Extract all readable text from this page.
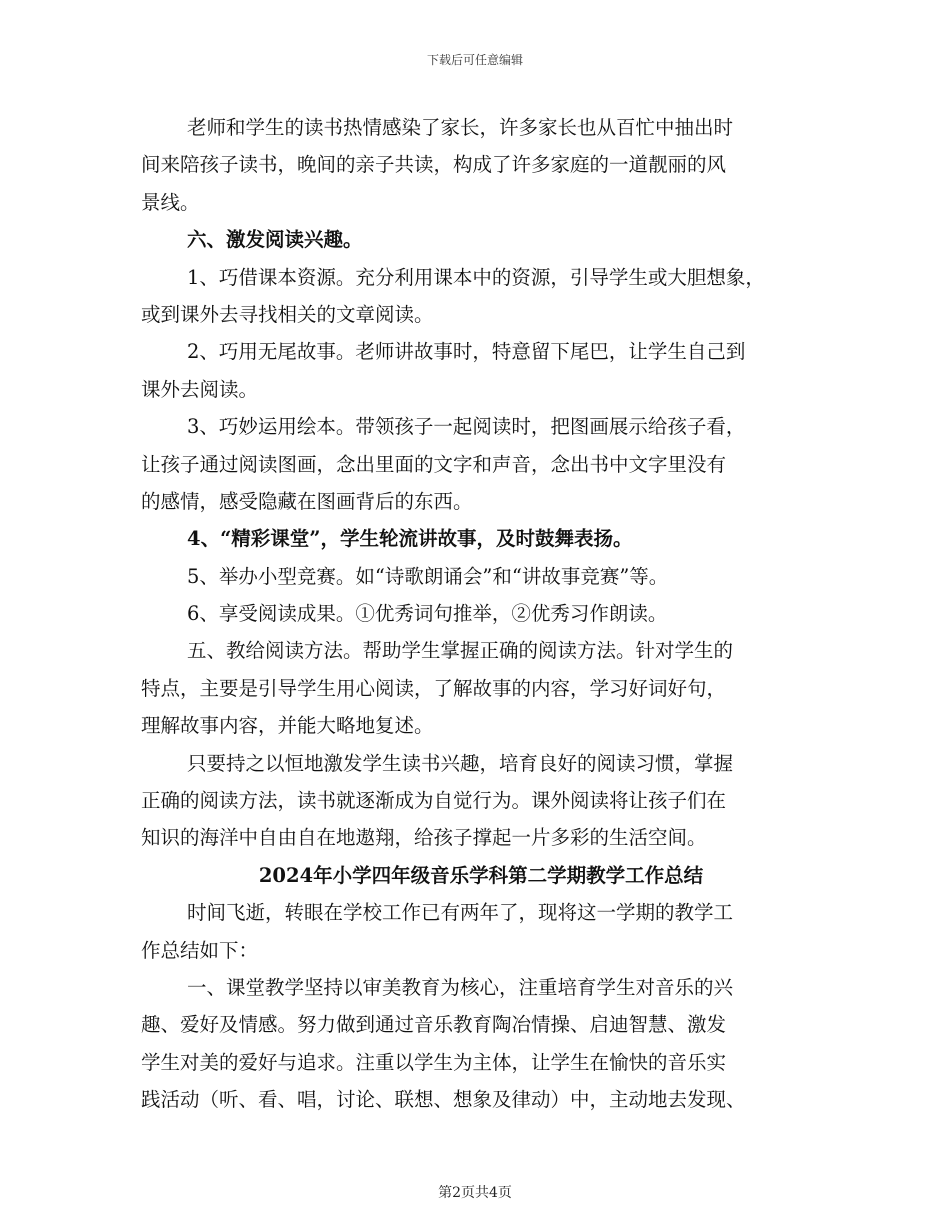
下载后可任意编辑
老师和学生的读书热情感染了家长，许多家长也从百忙中抽出时
间来陪孩子读书，晚间的亲子共读，构成了许多家庭的一道靓丽的风
景线。
六、激发阅读兴趣。
1、巧借课本资源。充分利用课本中的资源，引导学生或大胆想象，
或到课外去寻找相关的文章阅读。
2、巧用无尾故事。老师讲故事时，特意留下尾巴，让学生自己到
课外去阅读。
3、巧妙运用绘本。带领孩子一起阅读时，把图画展示给孩子看，
让孩子通过阅读图画，念出里面的文字和声音，念出书中文字里没有
的感情，感受隐藏在图画背后的东西。
4、“精彩课堂”，学生轮流讲故事，及时鼓舞表扬。
5、举办小型竞赛。如“诗歌朗诵会”和“讲故事竞赛”等。
6、享受阅读成果。①优秀词句推举，②优秀习作朗读。
五、教给阅读方法。帮助学生掌握正确的阅读方法。针对学生的
特点，主要是引导学生用心阅读，了解故事的内容，学习好词好句，
理解故事内容，并能大略地复述。
只要持之以恒地激发学生读书兴趣，培育良好的阅读习惯，掌握
正确的阅读方法，读书就逐渐成为自觉行为。课外阅读将让孩子们在
知识的海洋中自由自在地遨翔，给孩子撑起一片多彩的生活空间。
2024年小学四年级音乐学科第二学期教学工作总结
时间飞逝，转眼在学校工作已有两年了，现将这一学期的教学工
作总结如下：
一、课堂教学坚持以审美教育为核心，注重培育学生对音乐的兴
趣、爱好及情感。努力做到通过音乐教育陶冶情操、启迪智慧、激发
学生对美的爱好与追求。注重以学生为主体，让学生在愉快的音乐实
践活动（听、看、唱，讨论、联想、想象及律动）中，主动地去发现、
第2页共4页
